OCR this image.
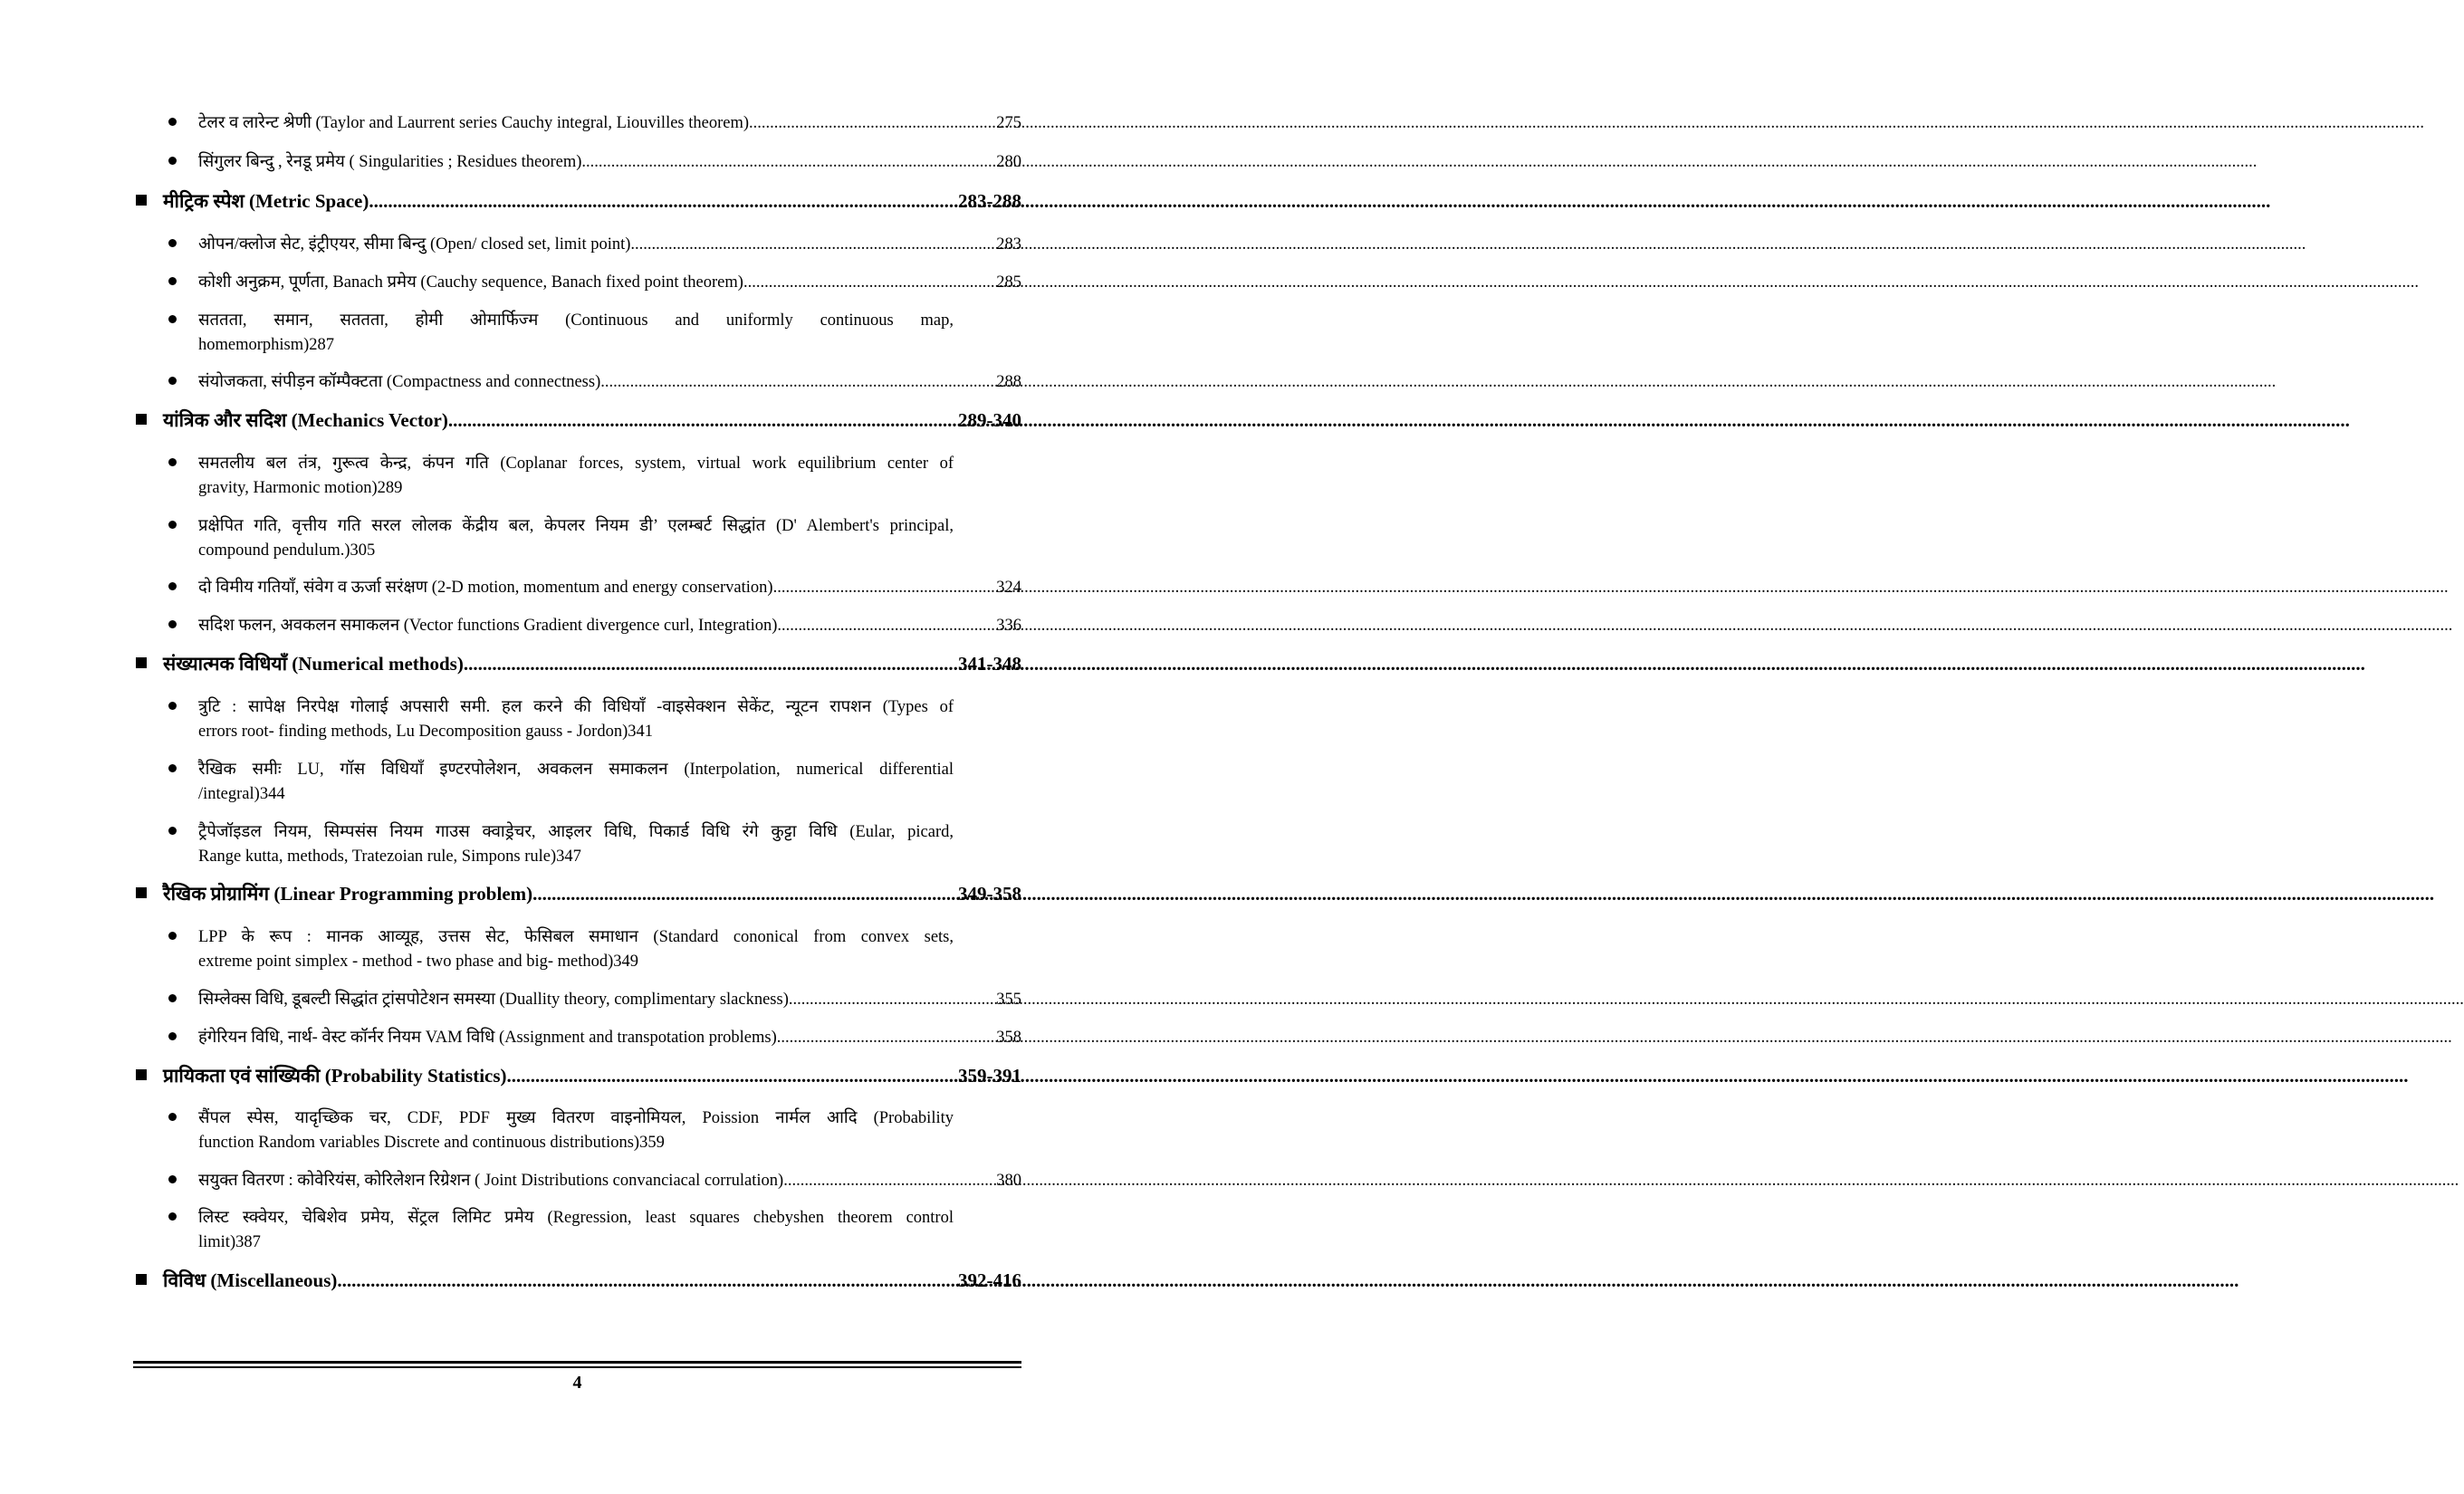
टेलर व लारेन्ट श्रेणी (Taylor and Laurrent series Cauchy integral, Liouvilles theorem) .....	275
सिंगुलर बिन्दु , रेनडू प्रमेय ( Singularities ; Residues theorem) .....	280
मीट्रिक स्पेश (Metric Space) .....	283-288
ओपन/क्लोज सेट, इंट्रीएयर, सीमा बिन्दु (Open/ closed set, limit point) .....	283
कोशी अनुक्रम, पूर्णता, Banach प्रमेय (Cauchy sequence, Banach fixed point theorem) .....	285
सततता, समान, सततता, होमी ओमार्फिज्म (Continuous and uniformly continuous map,
homemorphism) 287
संयोजकता, संपीड़न कॉम्पैक्टता (Compactness and connectness) .....	288
यांत्रिक और सदिश (Mechanics Vector) .....	289-340
समतलीय बल तंत्र, गुरूत्व केन्द्र, कंपन गति (Coplanar forces, system, virtual work equilibrium center of
gravity, Harmonic motion) 289
प्रक्षेपित गति, वृत्तीय गति सरल लोलक केंद्रीय बल, केपलर नियम डी’ एलम्बर्ट सिद्धांत (D' Alembert's principal,
compound pendulum.) 305
दो विमीय गतियाँ, संवेग व ऊर्जा सरंक्षण (2-D motion, momentum and energy conservation) .....	324
सदिश फलन, अवकलन समाकलन (Vector functions Gradient divergence curl, Integration) .....	336
संख्यात्मक विधियाँ (Numerical methods) .....	341-348
त्रुटि : सापेक्ष निरपेक्ष गोलाई अपसारी समी. हल करने की विधियाँ -वाइसेक्शन सेकेंट, न्यूटन रापशन (Types of
errors root- finding methods, Lu Decomposition gauss - Jordon) 341
रैखिक समीः LU, गॉस विधियाँ इण्टरपोलेशन, अवकलन समाकलन (Interpolation, numerical differential
/integral) 344
ट्रैपेजॉइडल नियम, सिम्पसंस नियम गाउस क्वाड्रेचर, आइलर विधि, पिकार्ड विधि रंगे कुट्टा विधि (Eular, picard,
Range kutta, methods, Tratezoian rule, Simpons rule) 347
रैखिक प्रोग्रामिंग (Linear Programming problem) .....	349-358
LPP के रूप : मानक आव्यूह, उत्तस सेट, फेसिबल समाधान (Standard cononical from convex sets,
extreme point simplex - method - two phase and big- method) 349
सिम्लेक्स विधि, डूबल्टी सिद्धांत ट्रांसपोटेशन समस्या (Duallity theory, complimentary slackness) .....	355
हंगेरियन विधि, नार्थ- वेस्ट कॉर्नर नियम VAM विधि (Assignment and transpotation problems) .....	358
प्रायिकता एवं सांख्यिकी (Probability Statistics) .....	359-391
सैंपल स्पेस, यादृच्छिक चर, CDF, PDF मुख्य वितरण वाइनोमियल, Poission नार्मल आदि (Probability
function Random variables Discrete and continuous distributions) 359
सयुक्त वितरण : कोवेरियंस, कोरिलेशन रिग्रेशन ( Joint Distributions convanciacal corrulation) .....	380
लिस्ट स्क्वेयर, चेबिशेव प्रमेय, सेंट्रल लिमिट प्रमेय (Regression, least squares chebyshen theorem control
limit) 387
विविध (Miscellaneous) .....	392-416
4
